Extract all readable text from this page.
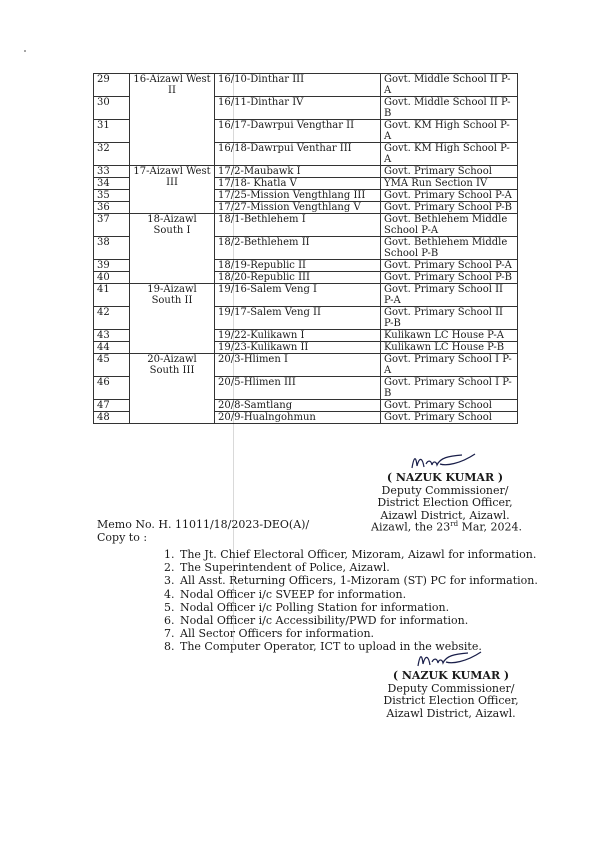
29	16-Aizawl West II	16/10-Dinthar III	Govt. Middle School II P-A
30		16/11-Dinthar IV	Govt. Middle School II P-B
31		16/17-Dawrpui Vengthar II	Govt. KM High School P-A
32		16/18-Dawrpui Venthar III	Govt. KM High School P-A
33	17-Aizawl West III	17/2-Maubawk I	Govt. Primary School
34		17/18- Khatla V	YMA Run Section IV
35		17/25-Mission Vengthlang III	Govt. Primary School P-A
36		17/27-Mission Vengthlang V	Govt. Primary School P-B
37	18-Aizawl South I	18/1-Bethlehem I	Govt. Bethlehem Middle School P-A
38		18/2-Bethlehem II	Govt. Bethlehem Middle School P-B
39		18/19-Republic II	Govt. Primary School P-A
40		18/20-Republic III	Govt. Primary School P-B
41	19-Aizawl South II	19/16-Salem Veng I	Govt. Primary School II P-A
42		19/17-Salem Veng II	Govt. Primary School II P-B
43		19/22-Kulikawn I	Kulikawn LC House P-A
44		19/23-Kulikawn II	Kulikawn LC House P-B
45	20-Aizawl South III	20/3-Hlimen I	Govt. Primary School I P-A
46		20/5-Hlimen III	Govt. Primary School I P-B
47		20/8-Samtlang	Govt. Primary School
48		20/9-Hualngohmun	Govt. Primary School
( NAZUK KUMAR )
Deputy Commissioner/
District Election Officer,
Aizawl District, Aizawl.
Memo No. H. 11011/18/2023-DEO(A)/	Aizawl, the 23rd Mar, 2024.
Copy to :
1. The Jt. Chief Electoral Officer, Mizoram, Aizawl for information.
2. The Superintendent of Police, Aizawl.
3. All Asst. Returning Officers, 1-Mizoram (ST) PC for information.
4. Nodal Officer i/c SVEEP for information.
5. Nodal Officer i/c Polling Station for information.
6. Nodal Officer i/c Accessibility/PWD for information.
7. All Sector Officers for information.
8. The Computer Operator, ICT to upload in the website.
( NAZUK KUMAR )
Deputy Commissioner/
District Election Officer,
Aizawl District, Aizawl.
